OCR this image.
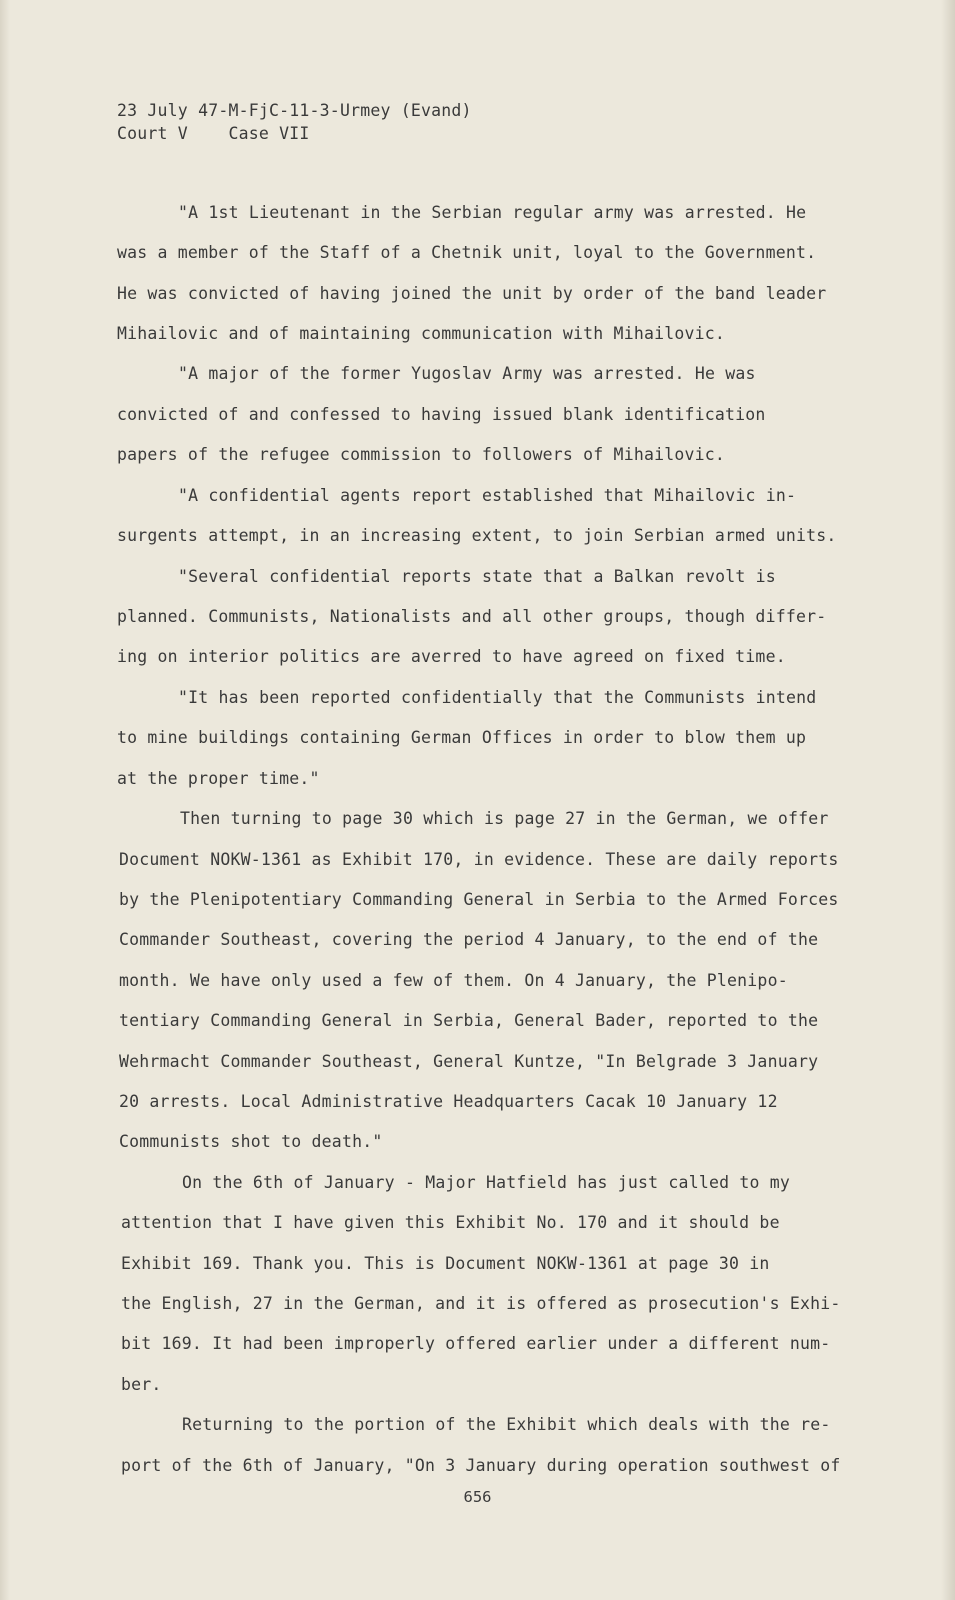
23 July 47-M-FjC-11-3-Urmey (Evand)
Court V    Case VII
"A 1st Lieutenant in the Serbian regular army was arrested. He
was a member of the Staff of a Chetnik unit, loyal to the Government.
He was convicted of having joined the unit by order of the band leader
Mihailovic and of maintaining communication with Mihailovic.
"A major of the former Yugoslav Army was arrested. He was
convicted of and confessed to having issued blank identification
papers of the refugee commission to followers of Mihailovic.
"A confidential agents report established that Mihailovic in-
surgents attempt, in an increasing extent, to join Serbian armed units.
"Several confidential reports state that a Balkan revolt is
planned. Communists, Nationalists and all other groups, though differ-
ing on interior politics are averred to have agreed on fixed time.
"It has been reported confidentially that the Communists intend
to mine buildings containing German Offices in order to blow them up
at the proper time."
Then turning to page 30 which is page 27 in the German, we offer
Document NOKW-1361 as Exhibit 170, in evidence. These are daily reports
by the Plenipotentiary Commanding General in Serbia to the Armed Forces
Commander Southeast, covering the period 4 January, to the end of the
month. We have only used a few of them. On 4 January, the Plenipo-
tentiary Commanding General in Serbia, General Bader, reported to the
Wehrmacht Commander Southeast, General Kuntze, "In Belgrade 3 January
20 arrests. Local Administrative Headquarters Cacak 10 January 12
Communists shot to death."
On the 6th of January - Major Hatfield has just called to my
attention that I have given this Exhibit No. 170 and it should be
Exhibit 169. Thank you. This is Document NOKW-1361 at page 30 in
the English, 27 in the German, and it is offered as prosecution's Exhi-
bit 169. It had been improperly offered earlier under a different num-
ber.
Returning to the portion of the Exhibit which deals with the re-
port of the 6th of January, "On 3 January during operation southwest of
656
